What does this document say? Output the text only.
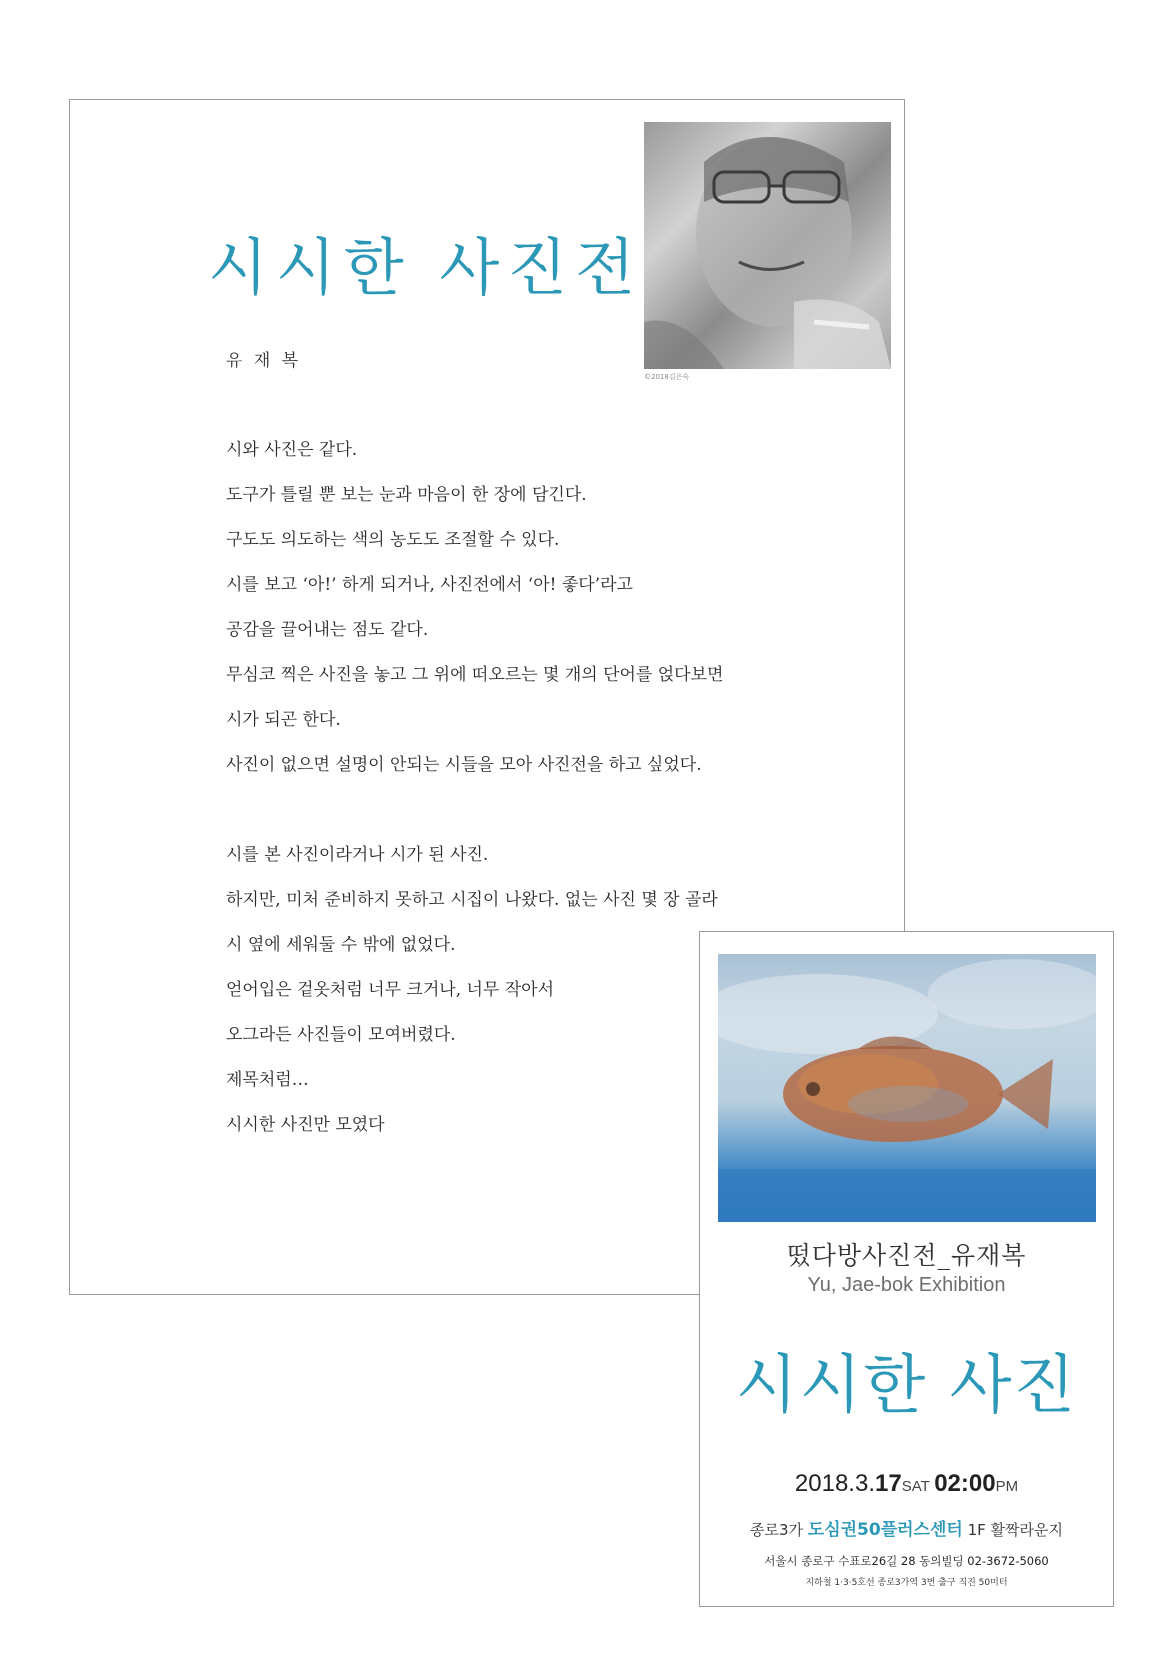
시시한 사진전
유 재 복
©2018김은숙
시와 사진은 같다.
도구가 틀릴 뿐 보는 눈과 마음이 한 장에 담긴다.
구도도 의도하는 색의 농도도 조절할 수 있다.
시를 보고 ‘아!’ 하게 되거나, 사진전에서 ‘아! 좋다’라고
공감을 끌어내는 점도 같다.
무심코 찍은 사진을 놓고 그 위에 떠오르는 몇 개의 단어를 얹다보면
시가 되곤 한다.
사진이 없으면 설명이 안되는 시들을 모아 사진전을 하고 싶었다.
시를 본 사진이라거나 시가 된 사진.
하지만, 미처 준비하지 못하고 시집이 나왔다. 없는 사진 몇 장 골라
시 옆에 세워둘 수 밖에 없었다.
얻어입은 겉옷처럼 너무 크거나, 너무 작아서
오그라든 사진들이 모여버렸다.
제목처럼…
시시한 사진만 모였다
떴다방사진전_유재복
Yu, Jae-bok Exhibition
시시한 사진
2018.3.17SAT 02:00PM
종로3가 도심권50플러스센터 1F 활짝라운지
서울시 종로구 수표로26길 28 동의빌딩 02-3672-5060
지하철 1·3·5호선 종로3가역 3번 출구 직진 50미터
